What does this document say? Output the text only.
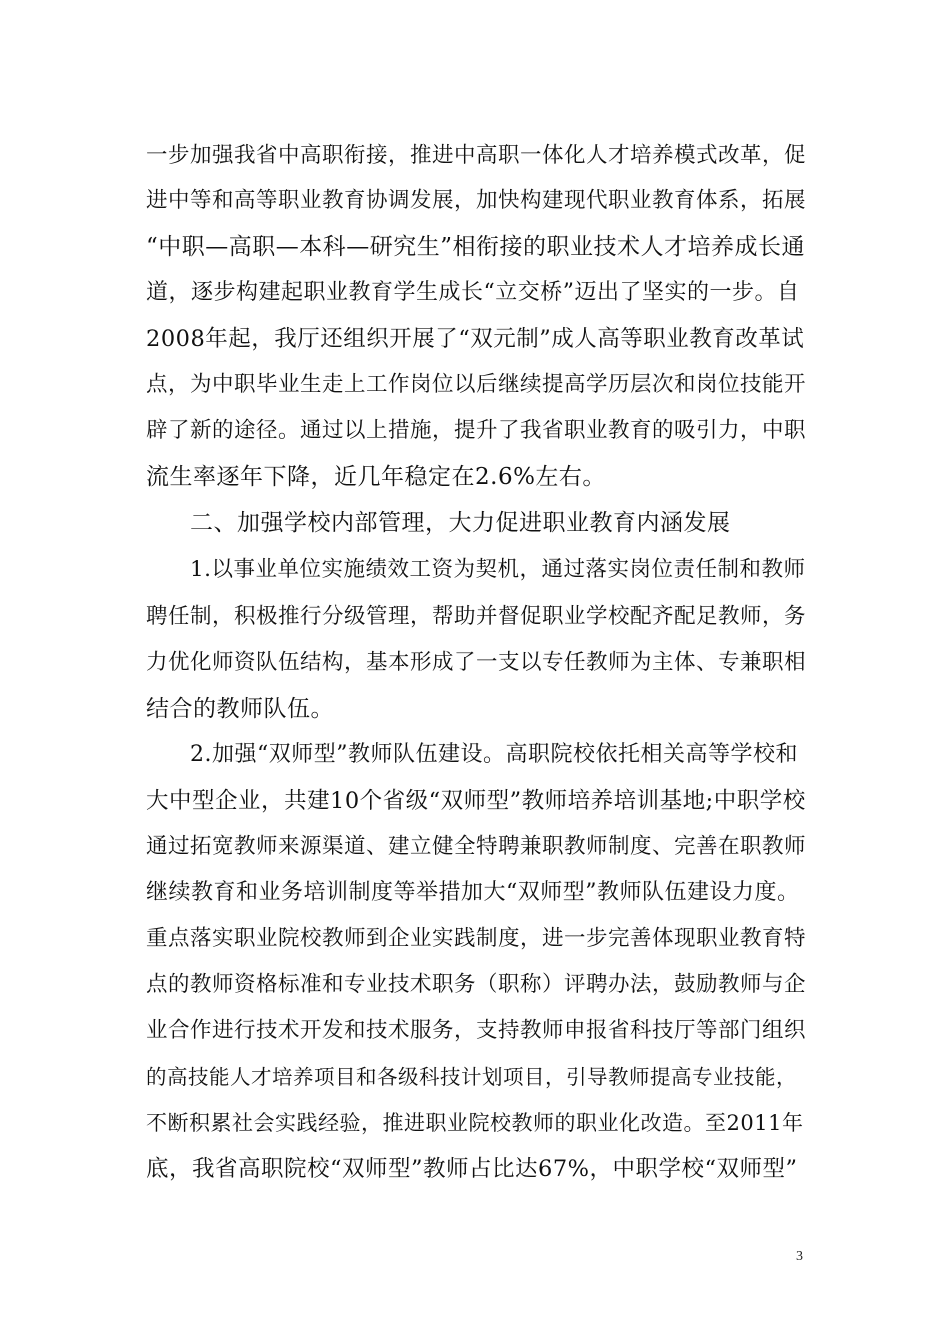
一步加强我省中高职衔接，推进中高职一体化人才培养模式改革，促
进中等和高等职业教育协调发展，加快构建现代职业教育体系，拓展
“中职—高职—本科—研究生”相衔接的职业技术人才培养成长通
道，逐步构建起职业教育学生成长“立交桥”迈出了坚实的一步。自
2008年起，我厅还组织开展了“双元制”成人高等职业教育改革试
点，为中职毕业生走上工作岗位以后继续提高学历层次和岗位技能开
辟了新的途径。通过以上措施，提升了我省职业教育的吸引力，中职
流生率逐年下降，近几年稳定在2.6%左右。
二、加强学校内部管理，大力促进职业教育内涵发展
1.以事业单位实施绩效工资为契机，通过落实岗位责任制和教师
聘任制，积极推行分级管理，帮助并督促职业学校配齐配足教师，务
力优化师资队伍结构，基本形成了一支以专任教师为主体、专兼职相
结合的教师队伍。
2.加强“双师型”教师队伍建设。高职院校依托相关高等学校和
大中型企业，共建10个省级“双师型”教师培养培训基地;中职学校
通过拓宽教师来源渠道、建立健全特聘兼职教师制度、完善在职教师
继续教育和业务培训制度等举措加大“双师型”教师队伍建设力度。
重点落实职业院校教师到企业实践制度，进一步完善体现职业教育特
点的教师资格标准和专业技术职务（职称）评聘办法，鼓励教师与企
业合作进行技术开发和技术服务，支持教师申报省科技厅等部门组织
的高技能人才培养项目和各级科技计划项目，引导教师提高专业技能，
不断积累社会实践经验，推进职业院校教师的职业化改造。至2011年
底，我省高职院校“双师型”教师占比达67%，中职学校“双师型”
3
